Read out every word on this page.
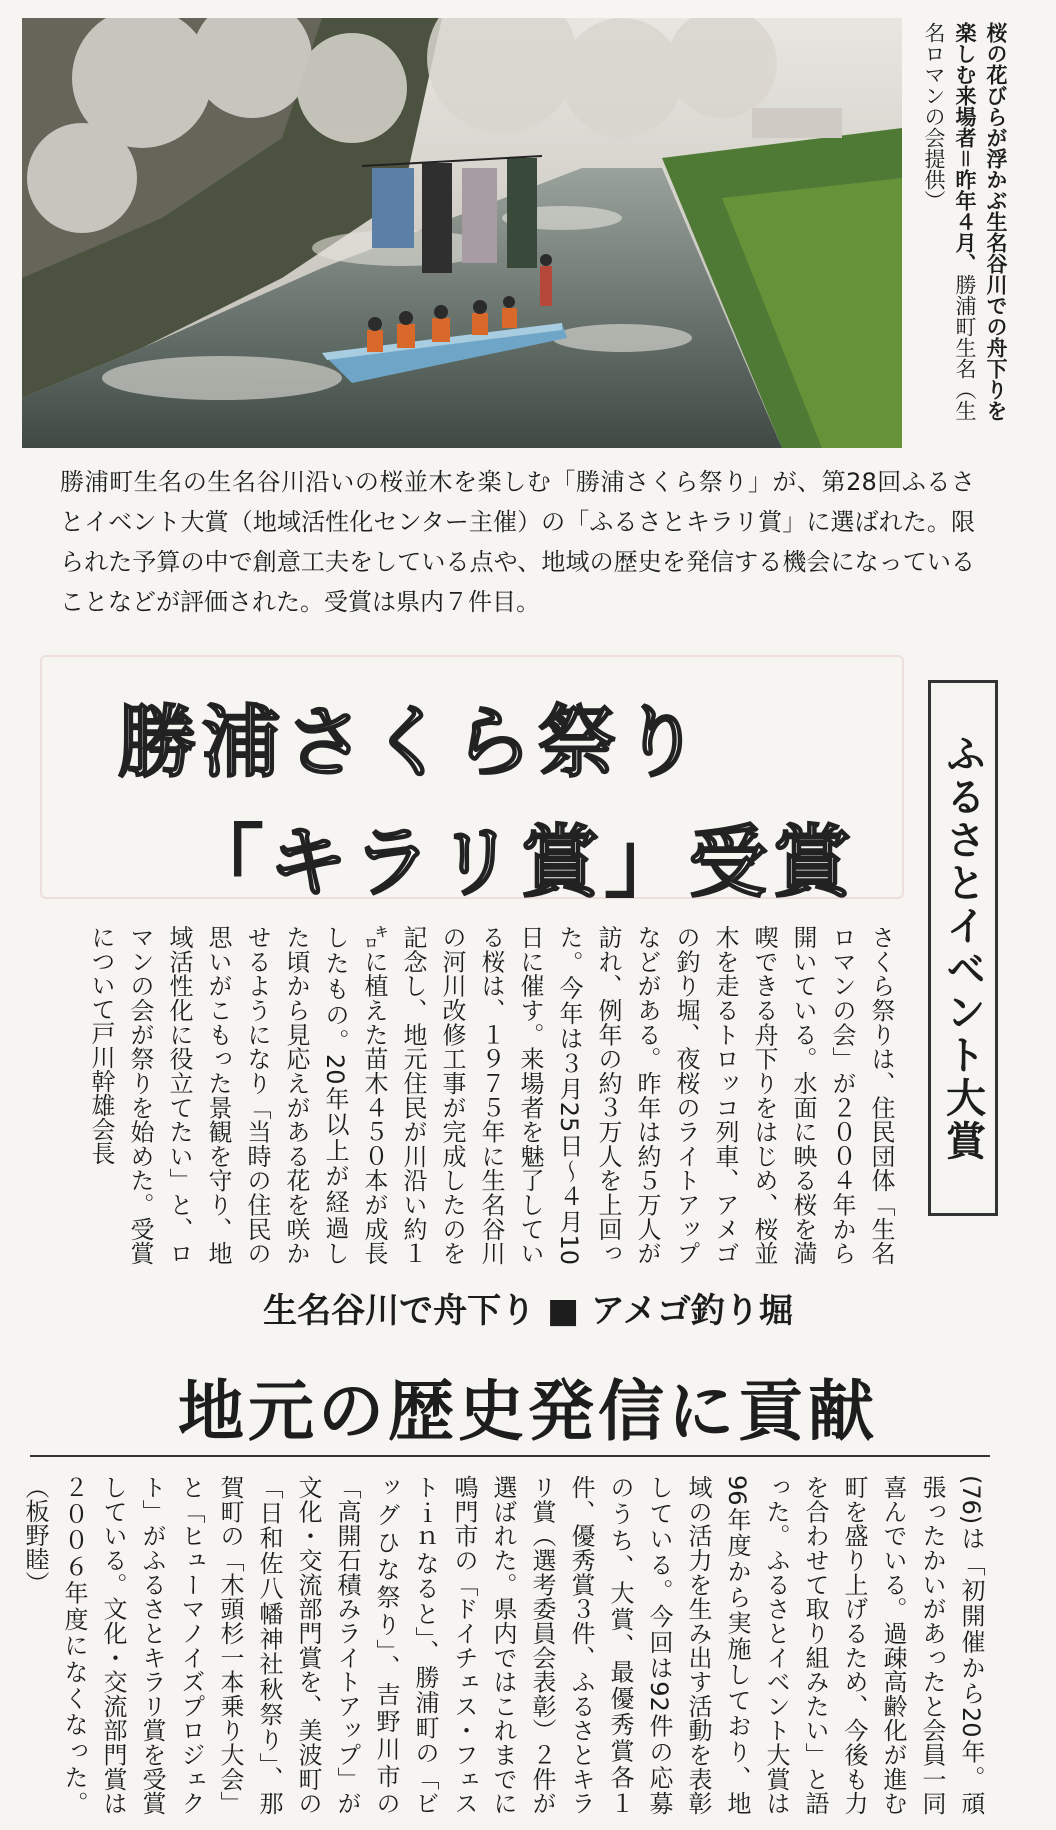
桜の花びらが浮かぶ生名谷川での舟下りを楽しむ来場者＝昨年４月、勝浦町生名（生名ロマンの会提供）
勝浦町生名の生名谷川沿いの桜並木を楽しむ「勝浦さくら祭り」が、第28回ふるさとイベント大賞（地域活性化センター主催）の「ふるさとキラリ賞」に選ばれた。限られた予算の中で創意工夫をしている点や、地域の歴史を発信する機会になっていることなどが評価された。受賞は県内７件目。
勝浦さくら祭り
「キラリ賞」受賞 ふるさとイベント大賞
さくら祭りは、住民団体「生名ロマンの会」が２００４年から開いている。水面に映る桜を満喫できる舟下りをはじめ、桜並木を走るトロッコ列車、アメゴの釣り堀、夜桜のライトアップなどがある。昨年は約５万人が訪れ、例年の約３万人を上回った。今年は３月25日〜４月10日に催す。来場者を魅了している桜は、１９７５年に生名谷川の河川改修工事が完成したのを記念し、地元住民が川沿い約１㌔に植えた苗木４５０本が成長したもの。20年以上が経過した頃から見応えがある花を咲かせるようになり「当時の住民の思いがこもった景観を守り、地域活性化に役立てたい」と、ロマンの会が祭りを始めた。受賞について戸川幹雄会長
生名谷川で舟下り ■ アメゴ釣り堀
地元の歴史発信に貢献
(76)は「初開催から20年。頑張ったかいがあったと会員一同喜んでいる。過疎高齢化が進む町を盛り上げるため、今後も力を合わせて取り組みたい」と語った。ふるさとイベント大賞は96年度から実施しており、地域の活力を生み出す活動を表彰している。今回は92件の応募のうち、大賞、最優秀賞各１件、優秀賞３件、ふるさとキラリ賞（選考委員会表彰）２件が選ばれた。県内ではこれまでに鳴門市の「ドイチェス・フェストｉｎなると」、勝浦町の「ビッグひな祭り」、吉野川市の「高開石積みライトアップ」が文化・交流部門賞を、美波町の「日和佐八幡神社秋祭り」、那賀町の「木頭杉一本乗り大会」と「ヒューマノイズプロジェクト」がふるさとキラリ賞を受賞している。文化・交流部門賞は２００６年度になくなった。（板野睦）
